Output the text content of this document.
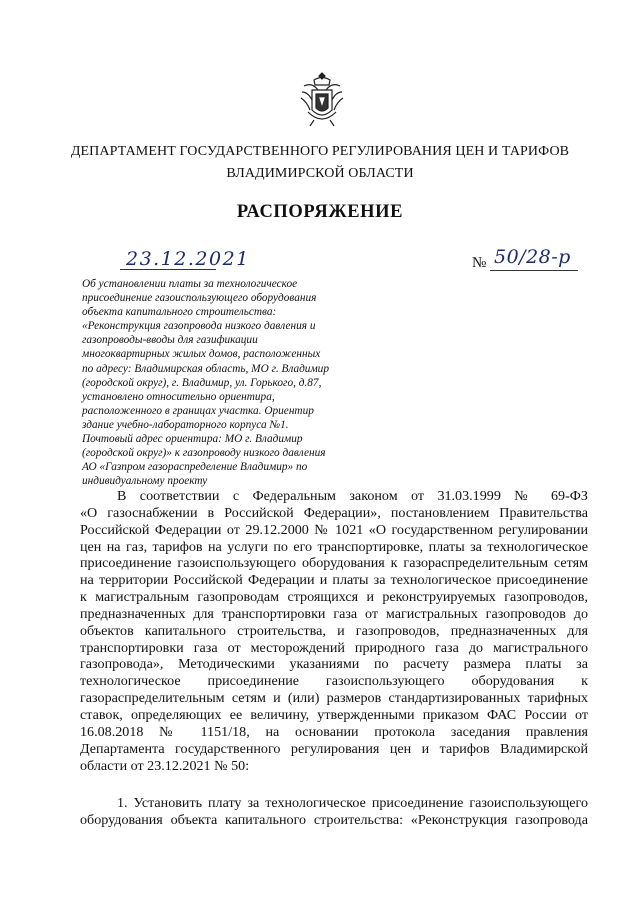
ДЕПАРТАМЕНТ ГОСУДАРСТВЕННОГО РЕГУЛИРОВАНИЯ ЦЕН И ТАРИФОВ
ВЛАДИМИРСКОЙ ОБЛАСТИ
РАСПОРЯЖЕНИЕ
23.12.2021	№ 50/28-р
Об установлении платы за технологическое
присоединение газоиспользующего оборудования
объекта капитального строительства:
«Реконструкция газопровода низкого давления и
газопроводы-вводы для газификации
многоквартирных жилых домов, расположенных
по адресу: Владимирская область, МО г. Владимир
(городской округ), г. Владимир, ул. Горького, д.87,
установлено относительно ориентира,
расположенного в границах участка. Ориентир
здание учебно-лабораторного корпуса №1.
Почтовый адрес ориентира: МО г. Владимир
(городской округ)» к газопроводу низкого давления
АО «Газпром газораспределение Владимир» по
индивидуальному проекту
В соответствии с Федеральным законом от 31.03.1999 № 69-ФЗ
«О газоснабжении в Российской Федерации», постановлением Правительства
Российской Федерации от 29.12.2000 № 1021 «О государственном регулировании
цен на газ, тарифов на услуги по его транспортировке, платы за технологическое
присоединение газоиспользующего оборудования к газораспределительным сетям
на территории Российской Федерации и платы за технологическое присоединение
к магистральным газопроводам строящихся и реконструируемых газопроводов,
предназначенных для транспортировки газа от магистральных газопроводов до
объектов капитального строительства, и газопроводов, предназначенных для
транспортировки газа от месторождений природного газа до магистрального
газопровода», Методическими указаниями по расчету размера платы за
технологическое присоединение газоиспользующего оборудования к
газораспределительным сетям и (или) размеров стандартизированных тарифных
ставок, определяющих ее величину, утвержденными приказом ФАС России от
16.08.2018 № 1151/18, на основании протокола заседания правления
Департамента государственного регулирования цен и тарифов Владимирской
области от 23.12.2021 № 50:
1. Установить плату за технологическое присоединение газоиспользующего
оборудования объекта капитального строительства: «Реконструкция газопровода
